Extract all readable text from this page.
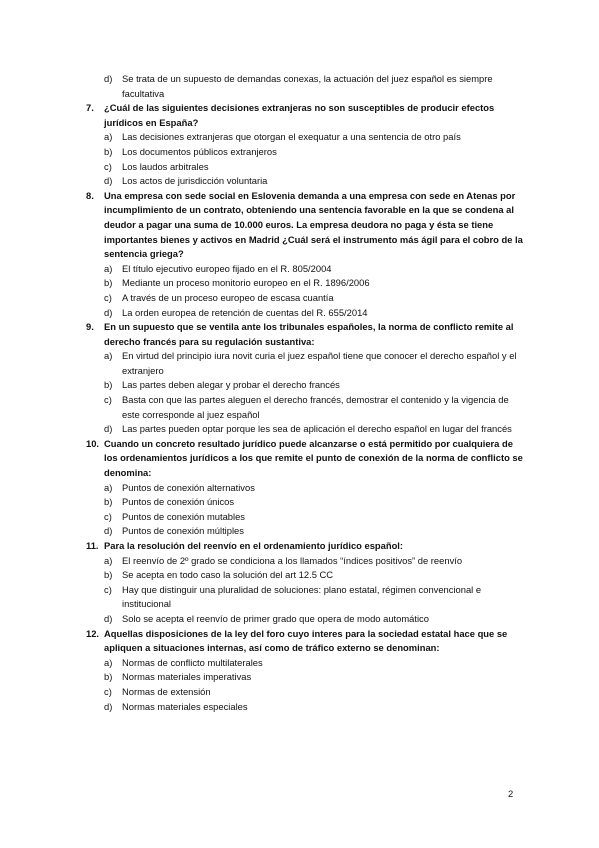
d)	Se trata de un supuesto de demandas conexas, la actuación del juez español es siempre facultativa
7.	¿Cuál de las siguientes decisiones extranjeras no son susceptibles de producir efectos jurídicos en España?
a)	Las decisiones extranjeras que otorgan el exequatur a una sentencia de otro país
b)	Los documentos públicos extranjeros
c)	Los laudos arbitrales
d)	Los actos de jurisdicción voluntaria
8.	Una empresa con sede social en Eslovenia demanda a una empresa con sede en Atenas por incumplimiento de un contrato, obteniendo una sentencia favorable en la que se condena al deudor a pagar una suma de 10.000 euros. La empresa deudora no paga y ésta se tiene importantes bienes y activos en Madrid ¿Cuál será el instrumento más ágil para el cobro de la sentencia griega?
a)	El título ejecutivo europeo fijado en el R. 805/2004
b)	Mediante un proceso monitorio europeo en el R. 1896/2006
c)	A través de un proceso europeo de escasa cuantía
d)	La orden europea de retención de cuentas del R. 655/2014
9.	En un supuesto que se ventila ante los tribunales españoles, la norma de conflicto remite al derecho francés para su regulación sustantiva:
a)	En virtud del principio iura novit curia el juez español tiene que conocer el derecho español y el extranjero
b)	Las partes deben alegar y probar el derecho francés
c)	Basta con que las partes aleguen el derecho francés, demostrar el contenido y la vigencia de este corresponde al juez español
d)	Las partes pueden optar porque les sea de aplicación el derecho español en lugar del francés
10. Cuando un concreto resultado jurídico puede alcanzarse o está permitido por cualquiera de los ordenamientos jurídicos a los que remite el punto de conexión de la norma de conflicto se denomina:
a)	Puntos de conexión alternativos
b)	Puntos de conexión únicos
c)	Puntos de conexión mutables
d)	Puntos de conexión múltiples
11. Para la resolución del reenvío en el ordenamiento jurídico español:
a)	El reenvío de 2º grado se condiciona a los llamados “índices positivos” de reenvío
b)	Se acepta en todo caso la solución del art 12.5 CC
c)	Hay que distinguir una pluralidad de soluciones: plano estatal, régimen convencional e institucional
d)	Solo se acepta el reenvío de primer grado que opera de modo automático
12. Aquellas disposiciones de la ley del foro cuyo interes para la sociedad estatal hace que se apliquen a situaciones internas, así como de tráfico externo se denominan:
a)	Normas de conflicto multilaterales
b)	Normas materiales imperativas
c)	Normas de extensión
d)	Normas materiales especiales
2
